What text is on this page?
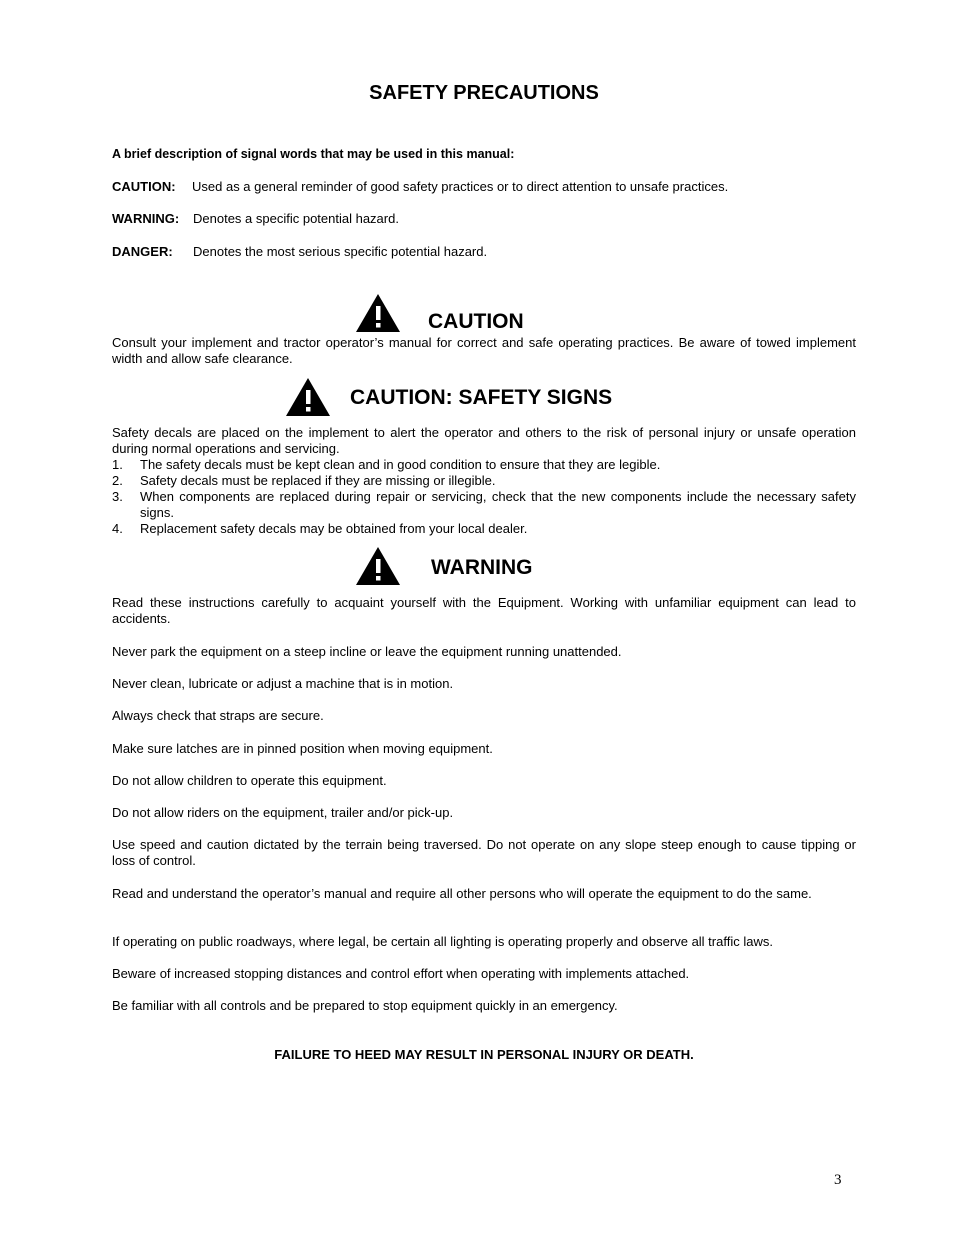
SAFETY PRECAUTIONS

A brief description of signal words that may be used in this manual:

CAUTION: Used as a general reminder of good safety practices or to direct attention to unsafe practices.

WARNING: Denotes a specific potential hazard.

DANGER: Denotes the most serious specific potential hazard.

CAUTION

Consult your implement and tractor operator’s manual for correct and safe operating practices. Be aware of towed implement width and allow safe clearance.

CAUTION: SAFETY SIGNS

Safety decals are placed on the implement to alert the operator and others to the risk of personal injury or unsafe operation during normal operations and servicing.

1. The safety decals must be kept clean and in good condition to ensure that they are legible.
2. Safety decals must be replaced if they are missing or illegible.
3. When components are replaced during repair or servicing, check that the new components include the necessary safety signs.
4. Replacement safety decals may be obtained from your local dealer.
WARNING

Read these instructions carefully to acquaint yourself with the Equipment. Working with unfamiliar equipment can lead to accidents.

Never park the equipment on a steep incline or leave the equipment running unattended.

Never clean, lubricate or adjust a machine that is in motion.

Always check that straps are secure.

Make sure latches are in pinned position when moving equipment.

Do not allow children to operate this equipment.

Do not allow riders on the equipment, trailer and/or pick-up.

Use speed and caution dictated by the terrain being traversed. Do not operate on any slope steep enough to cause tipping or loss of control.

Read and understand the operator’s manual and require all other persons who will operate the equipment to do the same.

If operating on public roadways, where legal, be certain all lighting is operating properly and observe all traffic laws.

Beware of increased stopping distances and control effort when operating with implements attached.

Be familiar with all controls and be prepared to stop equipment quickly in an emergency.

FAILURE TO HEED MAY RESULT IN PERSONAL INJURY OR DEATH.

3
